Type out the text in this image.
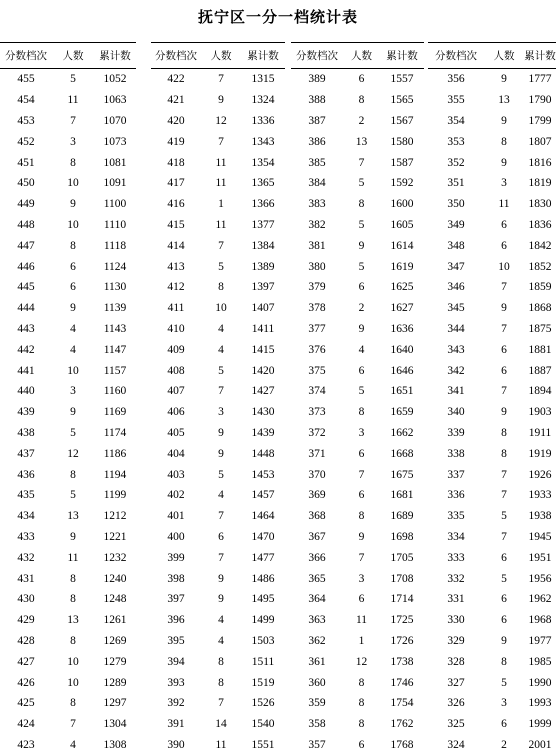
抚宁区一分一档统计表
分数档次	人数	累计数
455	5	1052
454	11	1063
453	7	1070
452	3	1073
451	8	1081
450	10	1091
449	9	1100
448	10	1110
447	8	1118
446	6	1124
445	6	1130
444	9	1139
443	4	1143
442	4	1147
441	10	1157
440	3	1160
439	9	1169
438	5	1174
437	12	1186
436	8	1194
435	5	1199
434	13	1212
433	9	1221
432	11	1232
431	8	1240
430	8	1248
429	13	1261
428	8	1269
427	10	1279
426	10	1289
425	8	1297
424	7	1304
423	4	1308
分数档次	人数	累计数
422	7	1315
421	9	1324
420	12	1336
419	7	1343
418	11	1354
417	11	1365
416	1	1366
415	11	1377
414	7	1384
413	5	1389
412	8	1397
411	10	1407
410	4	1411
409	4	1415
408	5	1420
407	7	1427
406	3	1430
405	9	1439
404	9	1448
403	5	1453
402	4	1457
401	7	1464
400	6	1470
399	7	1477
398	9	1486
397	9	1495
396	4	1499
395	4	1503
394	8	1511
393	8	1519
392	7	1526
391	14	1540
390	11	1551
分数档次	人数	累计数
389	6	1557
388	8	1565
387	2	1567
386	13	1580
385	7	1587
384	5	1592
383	8	1600
382	5	1605
381	9	1614
380	5	1619
379	6	1625
378	2	1627
377	9	1636
376	4	1640
375	6	1646
374	5	1651
373	8	1659
372	3	1662
371	6	1668
370	7	1675
369	6	1681
368	8	1689
367	9	1698
366	7	1705
365	3	1708
364	6	1714
363	11	1725
362	1	1726
361	12	1738
360	8	1746
359	8	1754
358	8	1762
357	6	1768
分数档次	人数	累计数
356	9	1777
355	13	1790
354	9	1799
353	8	1807
352	9	1816
351	3	1819
350	11	1830
349	6	1836
348	6	1842
347	10	1852
346	7	1859
345	9	1868
344	7	1875
343	6	1881
342	6	1887
341	7	1894
340	9	1903
339	8	1911
338	8	1919
337	7	1926
336	7	1933
335	5	1938
334	7	1945
333	6	1951
332	5	1956
331	6	1962
330	6	1968
329	9	1977
328	8	1985
327	5	1990
326	3	1993
325	6	1999
324	2	2001
